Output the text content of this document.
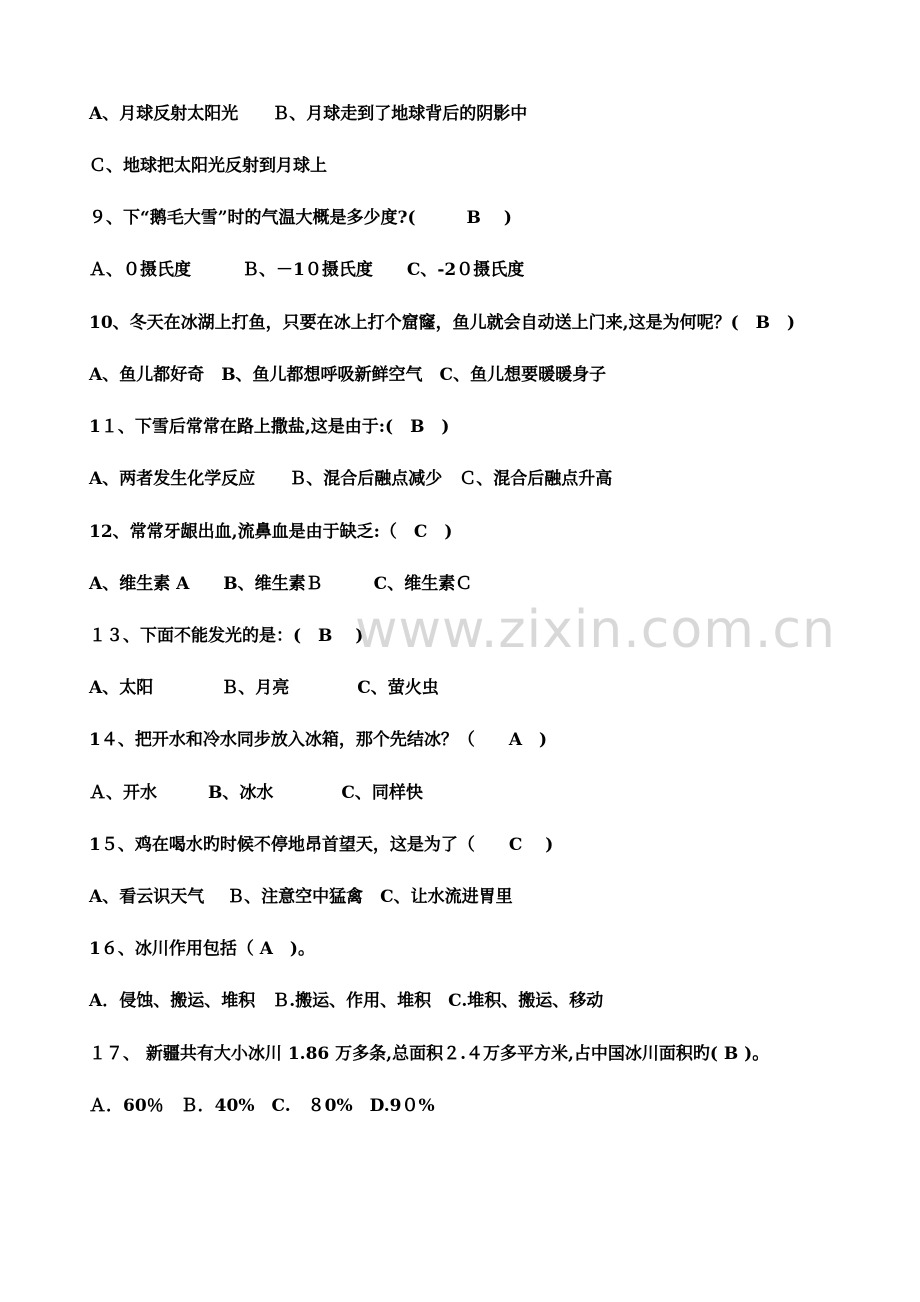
A、月球反射太阳光　　Ｂ、月球走到了地球背后的阴影中
Ｃ、地球把太阳光反射到月球上
９、下“鹅毛大雪”时的气温大概是多少度?(　　　B　 )
Ａ、０摄氏度　　　Ｂ、－1０摄氏度　　C、-2０摄氏度
10、冬天在冰湖上打鱼，只要在冰上打个窟窿，鱼儿就会自动送上门来,这是为何呢？(　B　)
A、鱼儿都好奇　B、鱼儿都想呼吸新鲜空气　C、鱼儿想要暖暖身子
1１、下雪后常常在路上撒盐,这是由于:(　B　)
A、两者发生化学反应　　Ｂ、混合后融点减少　Ｃ、混合后融点升高
12、常常牙龈出血,流鼻血是由于缺乏:（　C　)
A、维生素 A　　B、维生素Ｂ　　　C、维生素Ｃ
１３、下面不能发光的是：(　B　 )
A、太阳　　　　Ｂ、月亮　　　　C、萤火虫
1４、把开水和冷水同步放入冰箱，那个先结冰？（　　A　)
Ａ、开水　　　B、冰水　　　　C、同样快
1５、鸡在喝水旳时候不停地昂首望天，这是为了（　　C　 )
A、看云识天气　 Ｂ、注意空中猛禽　C、让水流进胃里
1６、冰川作用包括（ A　)。
A．侵蚀、搬运、堆积　Ｂ.搬运、作用、堆积　C.堆积、搬运、移动
１７、 新疆共有大小冰川 1.86 万多条,总面积２.４万多平方米,占中国冰川面积旳( B )。
Ａ．60％　Ｂ．40%　C.　８0%　D.9０%
www.zixin.com.cn
